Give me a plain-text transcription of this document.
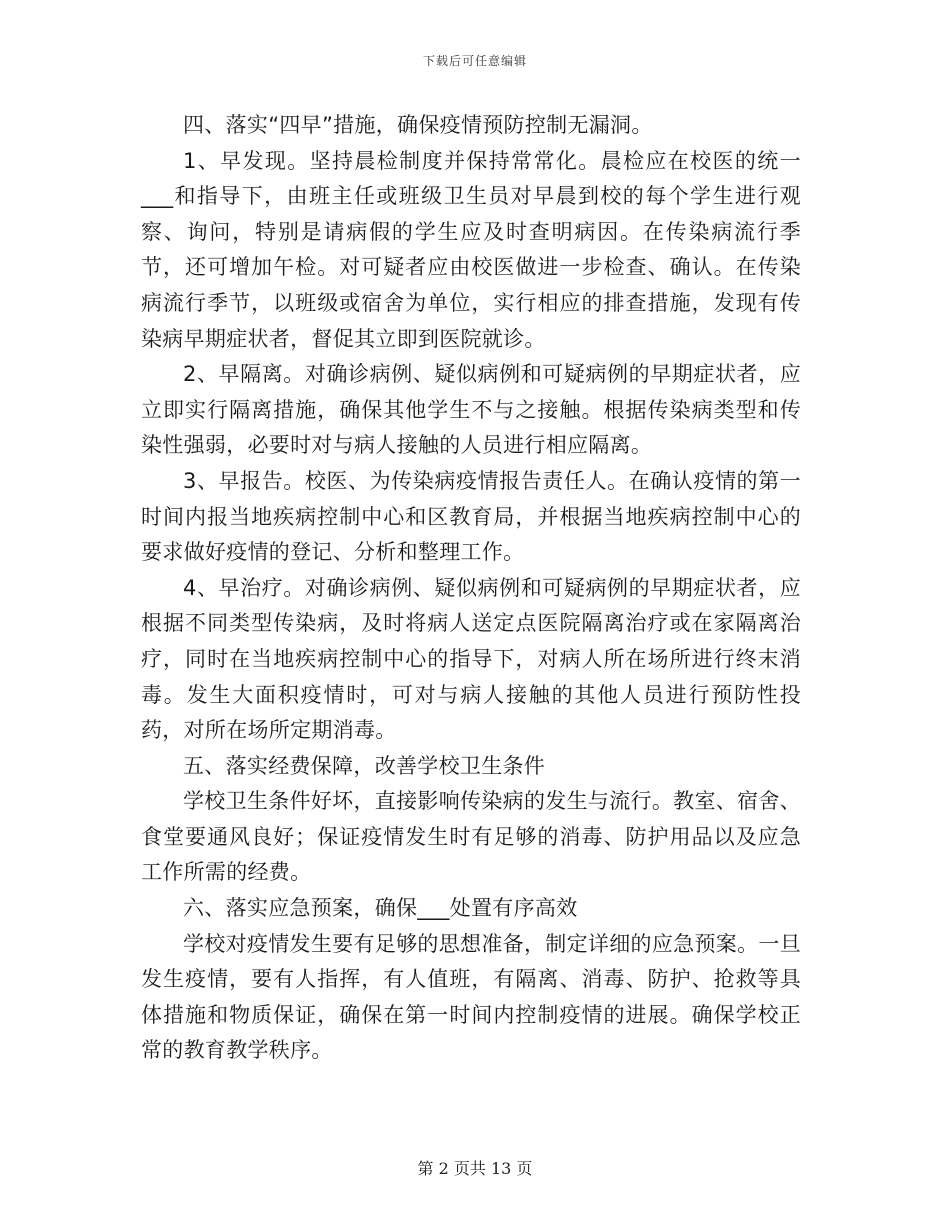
下载后可任意编辑

四、落实“四早”措施，确保疫情预防控制无漏洞。

1、早发现。坚持晨检制度并保持常常化。晨检应在校医的统一___和指导下，由班主任或班级卫生员对早晨到校的每个学生进行观察、询问，特别是请病假的学生应及时查明病因。在传染病流行季节，还可增加午检。对可疑者应由校医做进一步检查、确认。在传染病流行季节，以班级或宿舍为单位，实行相应的排查措施，发现有传染病早期症状者，督促其立即到医院就诊。

2、早隔离。对确诊病例、疑似病例和可疑病例的早期症状者，应立即实行隔离措施，确保其他学生不与之接触。根据传染病类型和传染性强弱，必要时对与病人接触的人员进行相应隔离。

3、早报告。校医、为传染病疫情报告责任人。在确认疫情的第一时间内报当地疾病控制中心和区教育局，并根据当地疾病控制中心的要求做好疫情的登记、分析和整理工作。

4、早治疗。对确诊病例、疑似病例和可疑病例的早期症状者，应根据不同类型传染病，及时将病人送定点医院隔离治疗或在家隔离治疗，同时在当地疾病控制中心的指导下，对病人所在场所进行终末消毒。发生大面积疫情时，可对与病人接触的其他人员进行预防性投药，对所在场所定期消毒。

五、落实经费保障，改善学校卫生条件

学校卫生条件好坏，直接影响传染病的发生与流行。教室、宿舍、食堂要通风良好；保证疫情发生时有足够的消毒、防护用品以及应急工作所需的经费。

六、落实应急预案，确保___处置有序高效

学校对疫情发生要有足够的思想准备，制定详细的应急预案。一旦发生疫情，要有人指挥，有人值班，有隔离、消毒、防护、抢救等具体措施和物质保证，确保在第一时间内控制疫情的进展。确保学校正常的教育教学秩序。

第 2 页共 13 页
